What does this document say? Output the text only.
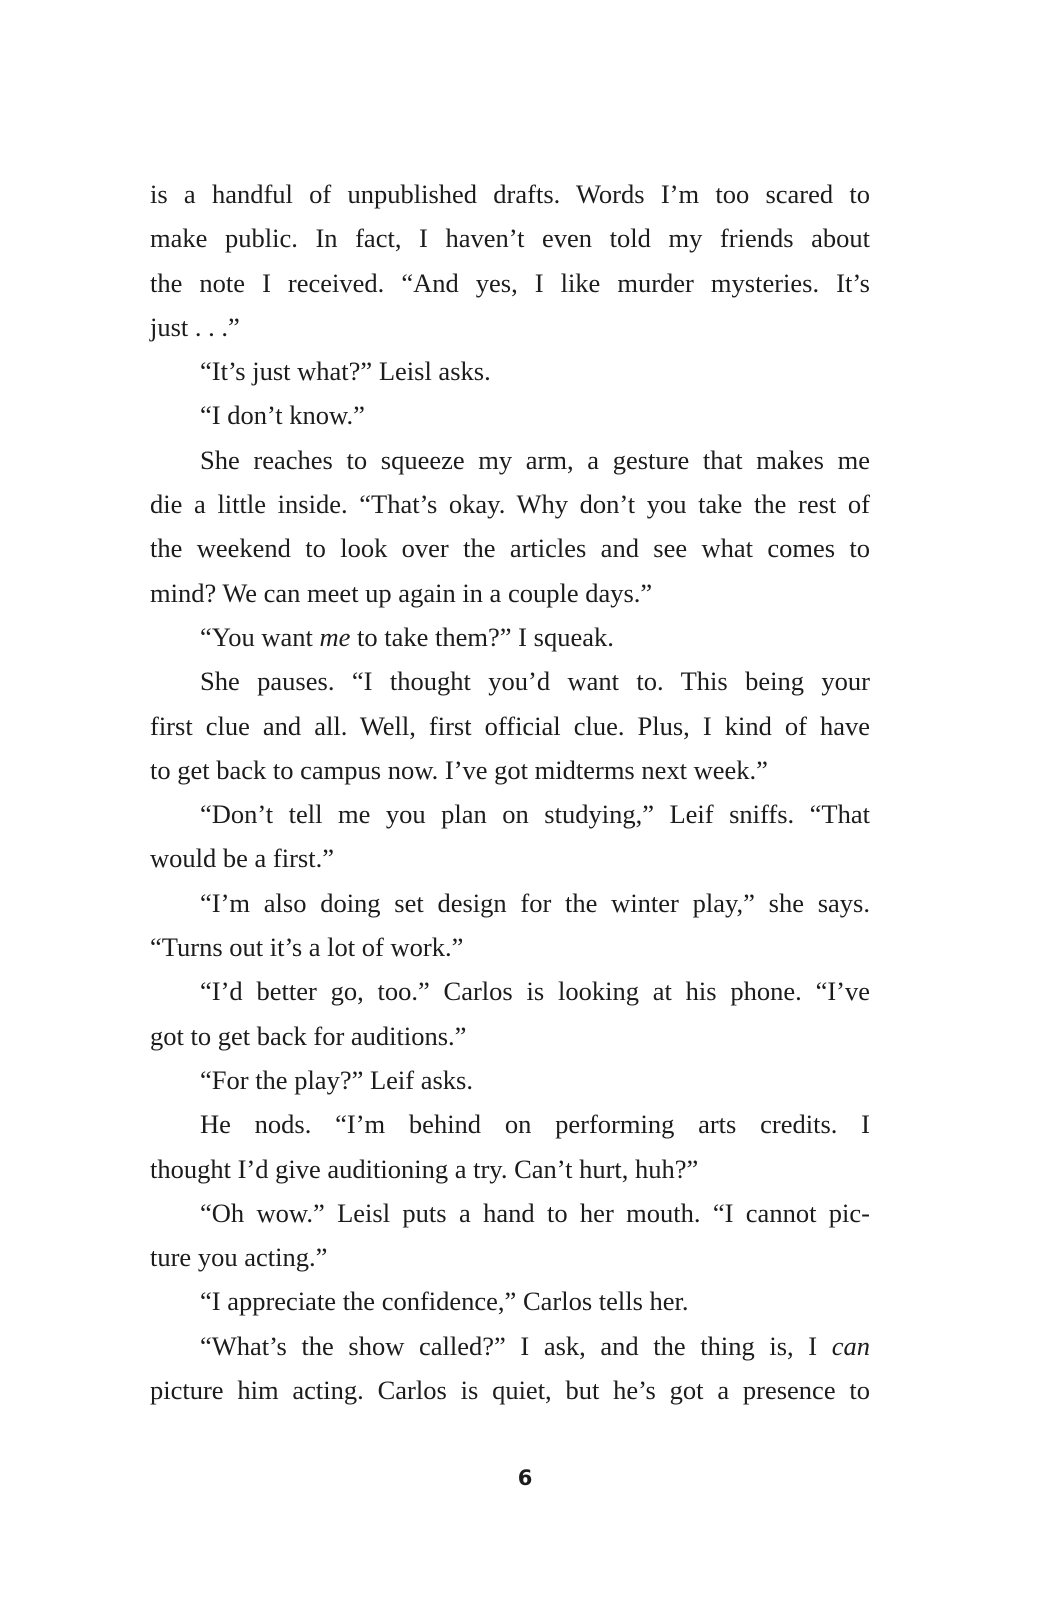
is a handful of unpublished drafts. Words I’m too scared to
make public. In fact, I haven’t even told my friends about
the note I received. “And yes, I like murder mysteries. It’s
just . . .”
“It’s just what?” Leisl asks.
“I don’t know.”
She reaches to squeeze my arm, a gesture that makes me
die a little inside. “That’s okay. Why don’t you take the rest of
the weekend to look over the articles and see what comes to
mind? We can meet up again in a couple days.”
“You want me to take them?” I squeak.
She pauses. “I thought you’d want to. This being your
first clue and all. Well, first official clue. Plus, I kind of have
to get back to campus now. I’ve got midterms next week.”
“Don’t tell me you plan on studying,” Leif sniffs. “That
would be a first.”
“I’m also doing set design for the winter play,” she says.
“Turns out it’s a lot of work.”
“I’d better go, too.” Carlos is looking at his phone. “I’ve
got to get back for auditions.”
“For the play?” Leif asks.
He nods. “I’m behind on performing arts credits. I
thought I’d give auditioning a try. Can’t hurt, huh?”
“Oh wow.” Leisl puts a hand to her mouth. “I cannot pic-
ture you acting.”
“I appreciate the confidence,” Carlos tells her.
“What’s the show called?” I ask, and the thing is, I can
picture him acting. Carlos is quiet, but he’s got a presence to
6
